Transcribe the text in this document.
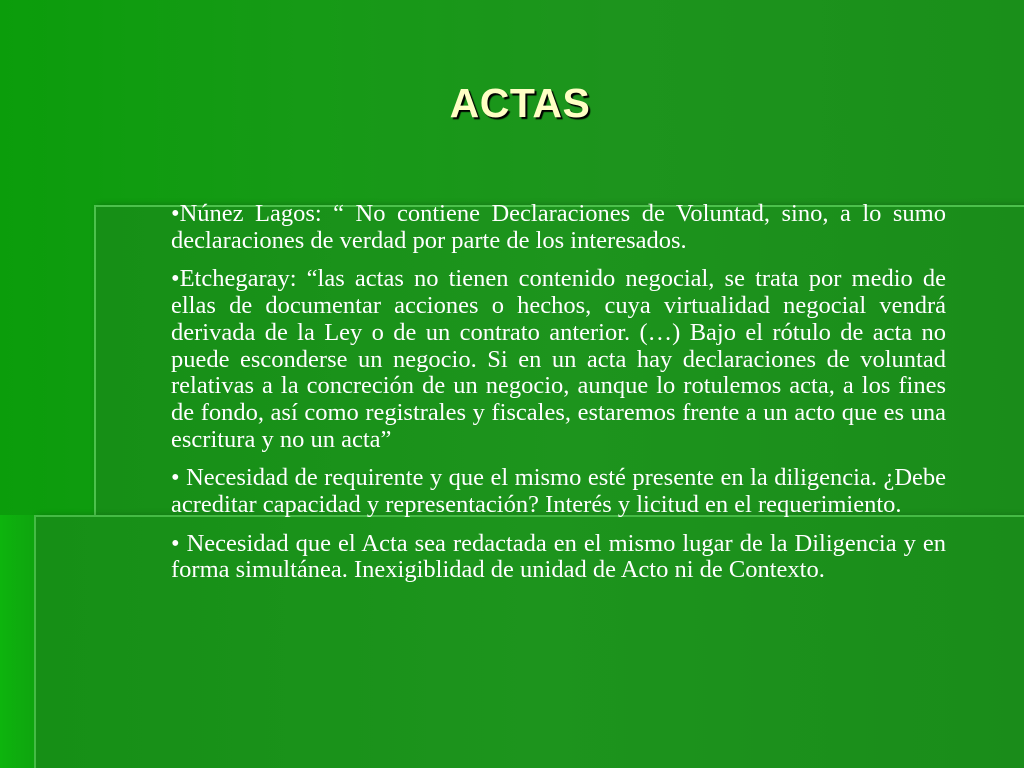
ACTAS

•Núnez Lagos: “ No contiene Declaraciones de Voluntad, sino, a lo sumo declaraciones de verdad por parte de los interesados.

•Etchegaray: “las actas no tienen contenido negocial, se trata por medio de ellas de documentar acciones o hechos, cuya virtualidad negocial vendrá derivada de la Ley o de un contrato anterior. (…) Bajo el rótulo de acta no puede esconderse un negocio. Si en un acta hay declaraciones de voluntad relativas a la concreción de un negocio, aunque lo rotulemos acta, a los fines de fondo, así como registrales y fiscales, estaremos frente a un acto que es una escritura y no un acta”

• Necesidad de requirente y que el mismo esté presente en la diligencia. ¿Debe acreditar capacidad y representación? Interés y licitud en el requerimiento.

• Necesidad que el Acta sea redactada en el mismo lugar de la Diligencia y en forma simultánea. Inexigiblidad de unidad de Acto ni de Contexto.
